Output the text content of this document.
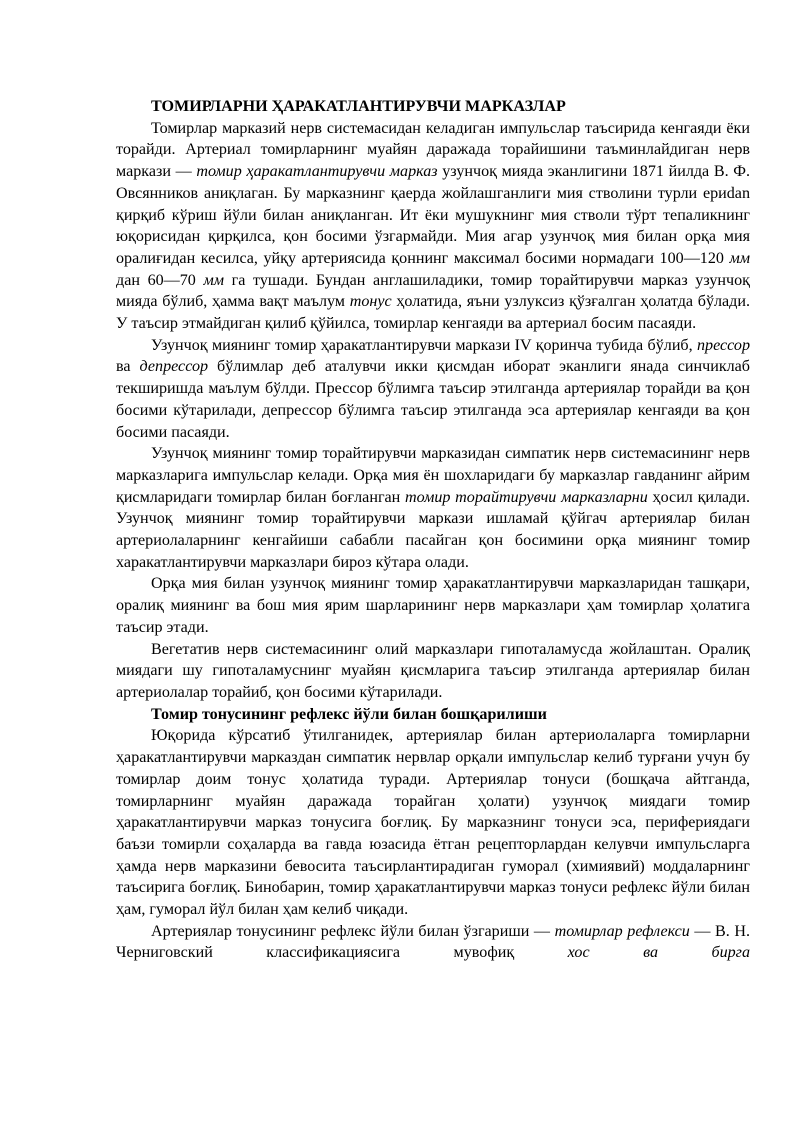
ТОМИРЛАРНИ ҲАРАКАТЛАНТИРУВЧИ МАРКАЗЛАР

Томирлар марказий нерв системасидан келадиган импульслар таъсирида кенгаяди ёки торайди. Артериал томирларнинг муайян даражада торайишини таъминлайдиган нерв маркази — томир ҳаракатлантирувчи марказ узунчоқ мияда эканлигини 1871 йилда В. Ф. Овсянников аниқлаган. Бу марказнинг қаерда жойлашганлиги мия стволини турли ериdan қирқиб кўриш йўли билан аниқланган. Ит ёки мушукнинг мия стволи тўрт тепаликнинг юқорисидан қирқилса, қон босими ўзгармайди. Мия агар узунчоқ мия билан орқа мия оралиғидан кесилса, уйқу артериясида қоннинг максимал босими нормадаги 100—120 мм дан 60—70 мм га тушади. Бундан англашиладики, томир торайтирувчи марказ узунчоқ мияда бўлиб, ҳамма вақт маълум тонус ҳолатида, яъни узлуксиз қўзғалган ҳолатда бўлади. У таъсир этмайдиган қилиб қўйилса, томирлар кенгаяди ва артериал босим пасаяди.

Узунчоқ миянинг томир ҳаракатлантирувчи маркази IV қоринча тубида бўлиб, прессор ва депрессор бўлимлар деб аталувчи икки қисмдан иборат эканлиги янада синчиклаб текширишда маълум бўлди. Прессор бўлимга таъсир этилганда артериялар торайди ва қон босими кўтарилади, депрессор бўлимга таъсир этилганда эса артериялар кенгаяди ва қон босими пасаяди.

Узунчоқ миянинг томир торайтирувчи марказидан симпатик нерв системасининг нерв марказларига импульслар келади. Орқа мия ён шохларидаги бу марказлар гавданинг айрим қисмларидаги томирлар билан боғланган томир торайтирувчи марказларни ҳосил қилади. Узунчоқ миянинг томир торайтирувчи маркази ишламай қўйгач артериялар билан артериолаларнинг кенгайиши сабабли пасайган қон босимини орқа миянинг томир харакатлантирувчи марказлари бироз кўтара олади.

Орқа мия билан узунчоқ миянинг томир ҳаракатлантирувчи марказларидан ташқари, оралиқ миянинг ва бош мия ярим шарларининг нерв марказлари ҳам томирлар ҳолатига таъсир этади.

Вегетатив нерв системасининг олий марказлари гипоталамусда жойлаштан. Оралиқ миядаги шу гипоталамуснинг муайян қисмларига таъсир этилганда артериялар билан артериолалар торайиб, қон босими кўтарилади.

Томир тонусининг рефлекс йўли билан бошқарилиши

Юқорида кўрсатиб ўтилганидек, артериялар билан артериолаларга томирларни ҳаракатлантирувчи марказдан симпатик нервлар орқали импульслар келиб турғани учун бу томирлар доим тонус ҳолатида туради. Артериялар тонуси (бошқача айтганда, томирларнинг муайян даражада торайган ҳолати) узунчоқ миядаги томир ҳаракатлантирувчи марказ тонусига боғлиқ. Бу марказнинг тонуси эса, перифериядаги баъзи томирли соҳаларда ва гавда юзасида ётган рецепторлардан келувчи импульсларга ҳамда нерв марказини бевосита таъсирлантирадиган гуморал (химиявий) моддаларнинг таъсирига боғлиқ. Бинобарин, томир ҳаракатлантирувчи марказ тонуси рефлекс йўли билан ҳам, гуморал йўл билан ҳам келиб чиқади.

Артериялар тонусининг рефлекс йўли билан ўзгариши — томирлар рефлекси — В. Н. Черниговский классификациясига мувофиқ хос ва бирга
